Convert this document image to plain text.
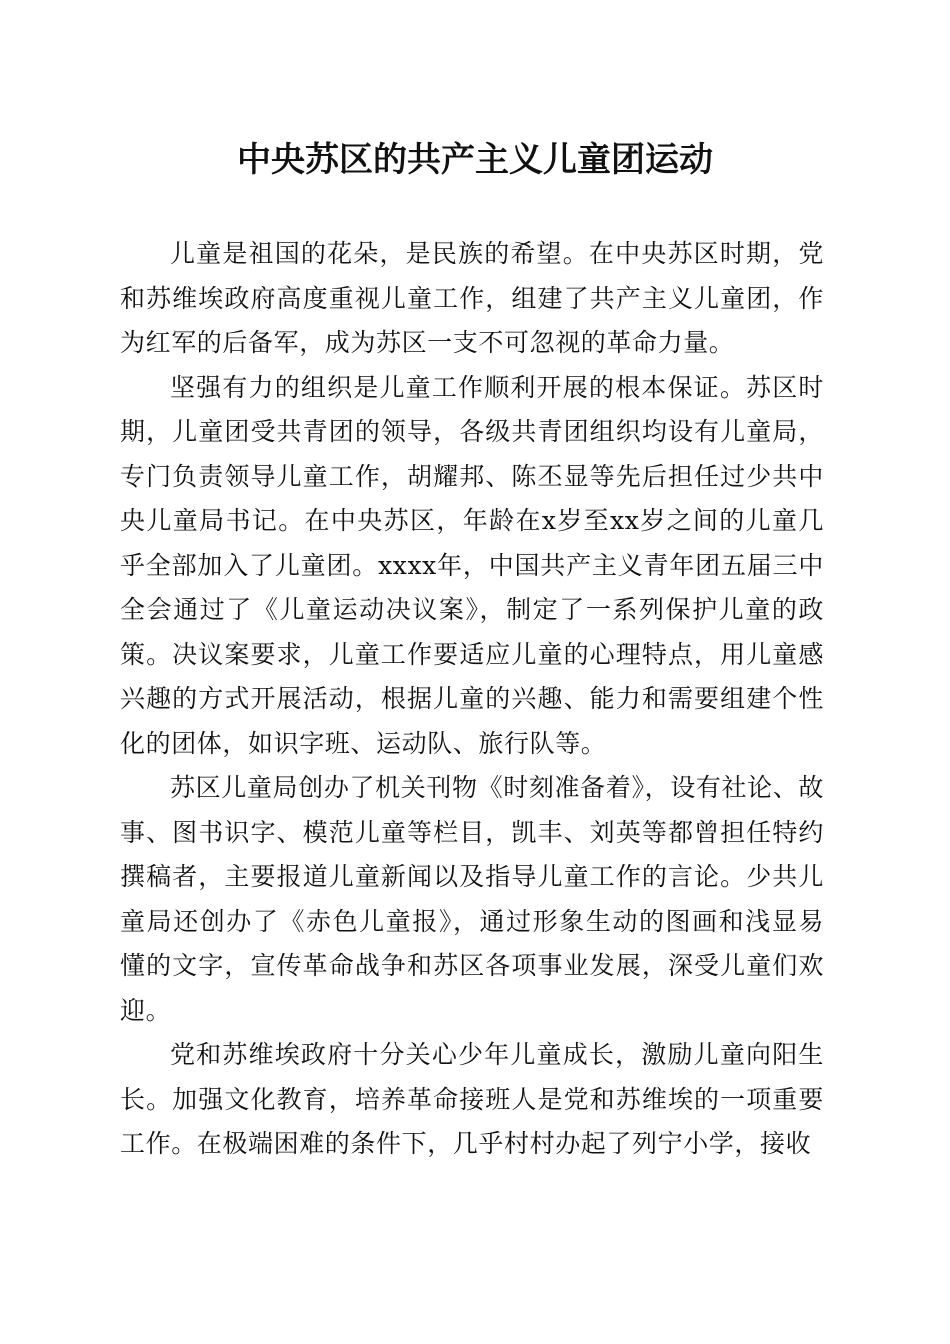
中央苏区的共产主义儿童团运动

儿童是祖国的花朵，是民族的希望。在中央苏区时期，党和苏维埃政府高度重视儿童工作，组建了共产主义儿童团，作为红军的后备军，成为苏区一支不可忽视的革命力量。

坚强有力的组织是儿童工作顺利开展的根本保证。苏区时期，儿童团受共青团的领导，各级共青团组织均设有儿童局，专门负责领导儿童工作，胡耀邦、陈丕显等先后担任过少共中央儿童局书记。在中央苏区，年龄在x岁至xx岁之间的儿童几乎全部加入了儿童团。xxxx年，中国共产主义青年团五届三中全会通过了《儿童运动决议案》，制定了一系列保护儿童的政策。决议案要求，儿童工作要适应儿童的心理特点，用儿童感兴趣的方式开展活动，根据儿童的兴趣、能力和需要组建个性化的团体，如识字班、运动队、旅行队等。

苏区儿童局创办了机关刊物《时刻准备着》，设有社论、故事、图书识字、模范儿童等栏目，凯丰、刘英等都曾担任特约撰稿者，主要报道儿童新闻以及指导儿童工作的言论。少共儿童局还创办了《赤色儿童报》，通过形象生动的图画和浅显易懂的文字，宣传革命战争和苏区各项事业发展，深受儿童们欢迎。

党和苏维埃政府十分关心少年儿童成长，激励儿童向阳生长。加强文化教育，培养革命接班人是党和苏维埃的一项重要工作。在极端困难的条件下，几乎村村办起了列宁小学，接收
